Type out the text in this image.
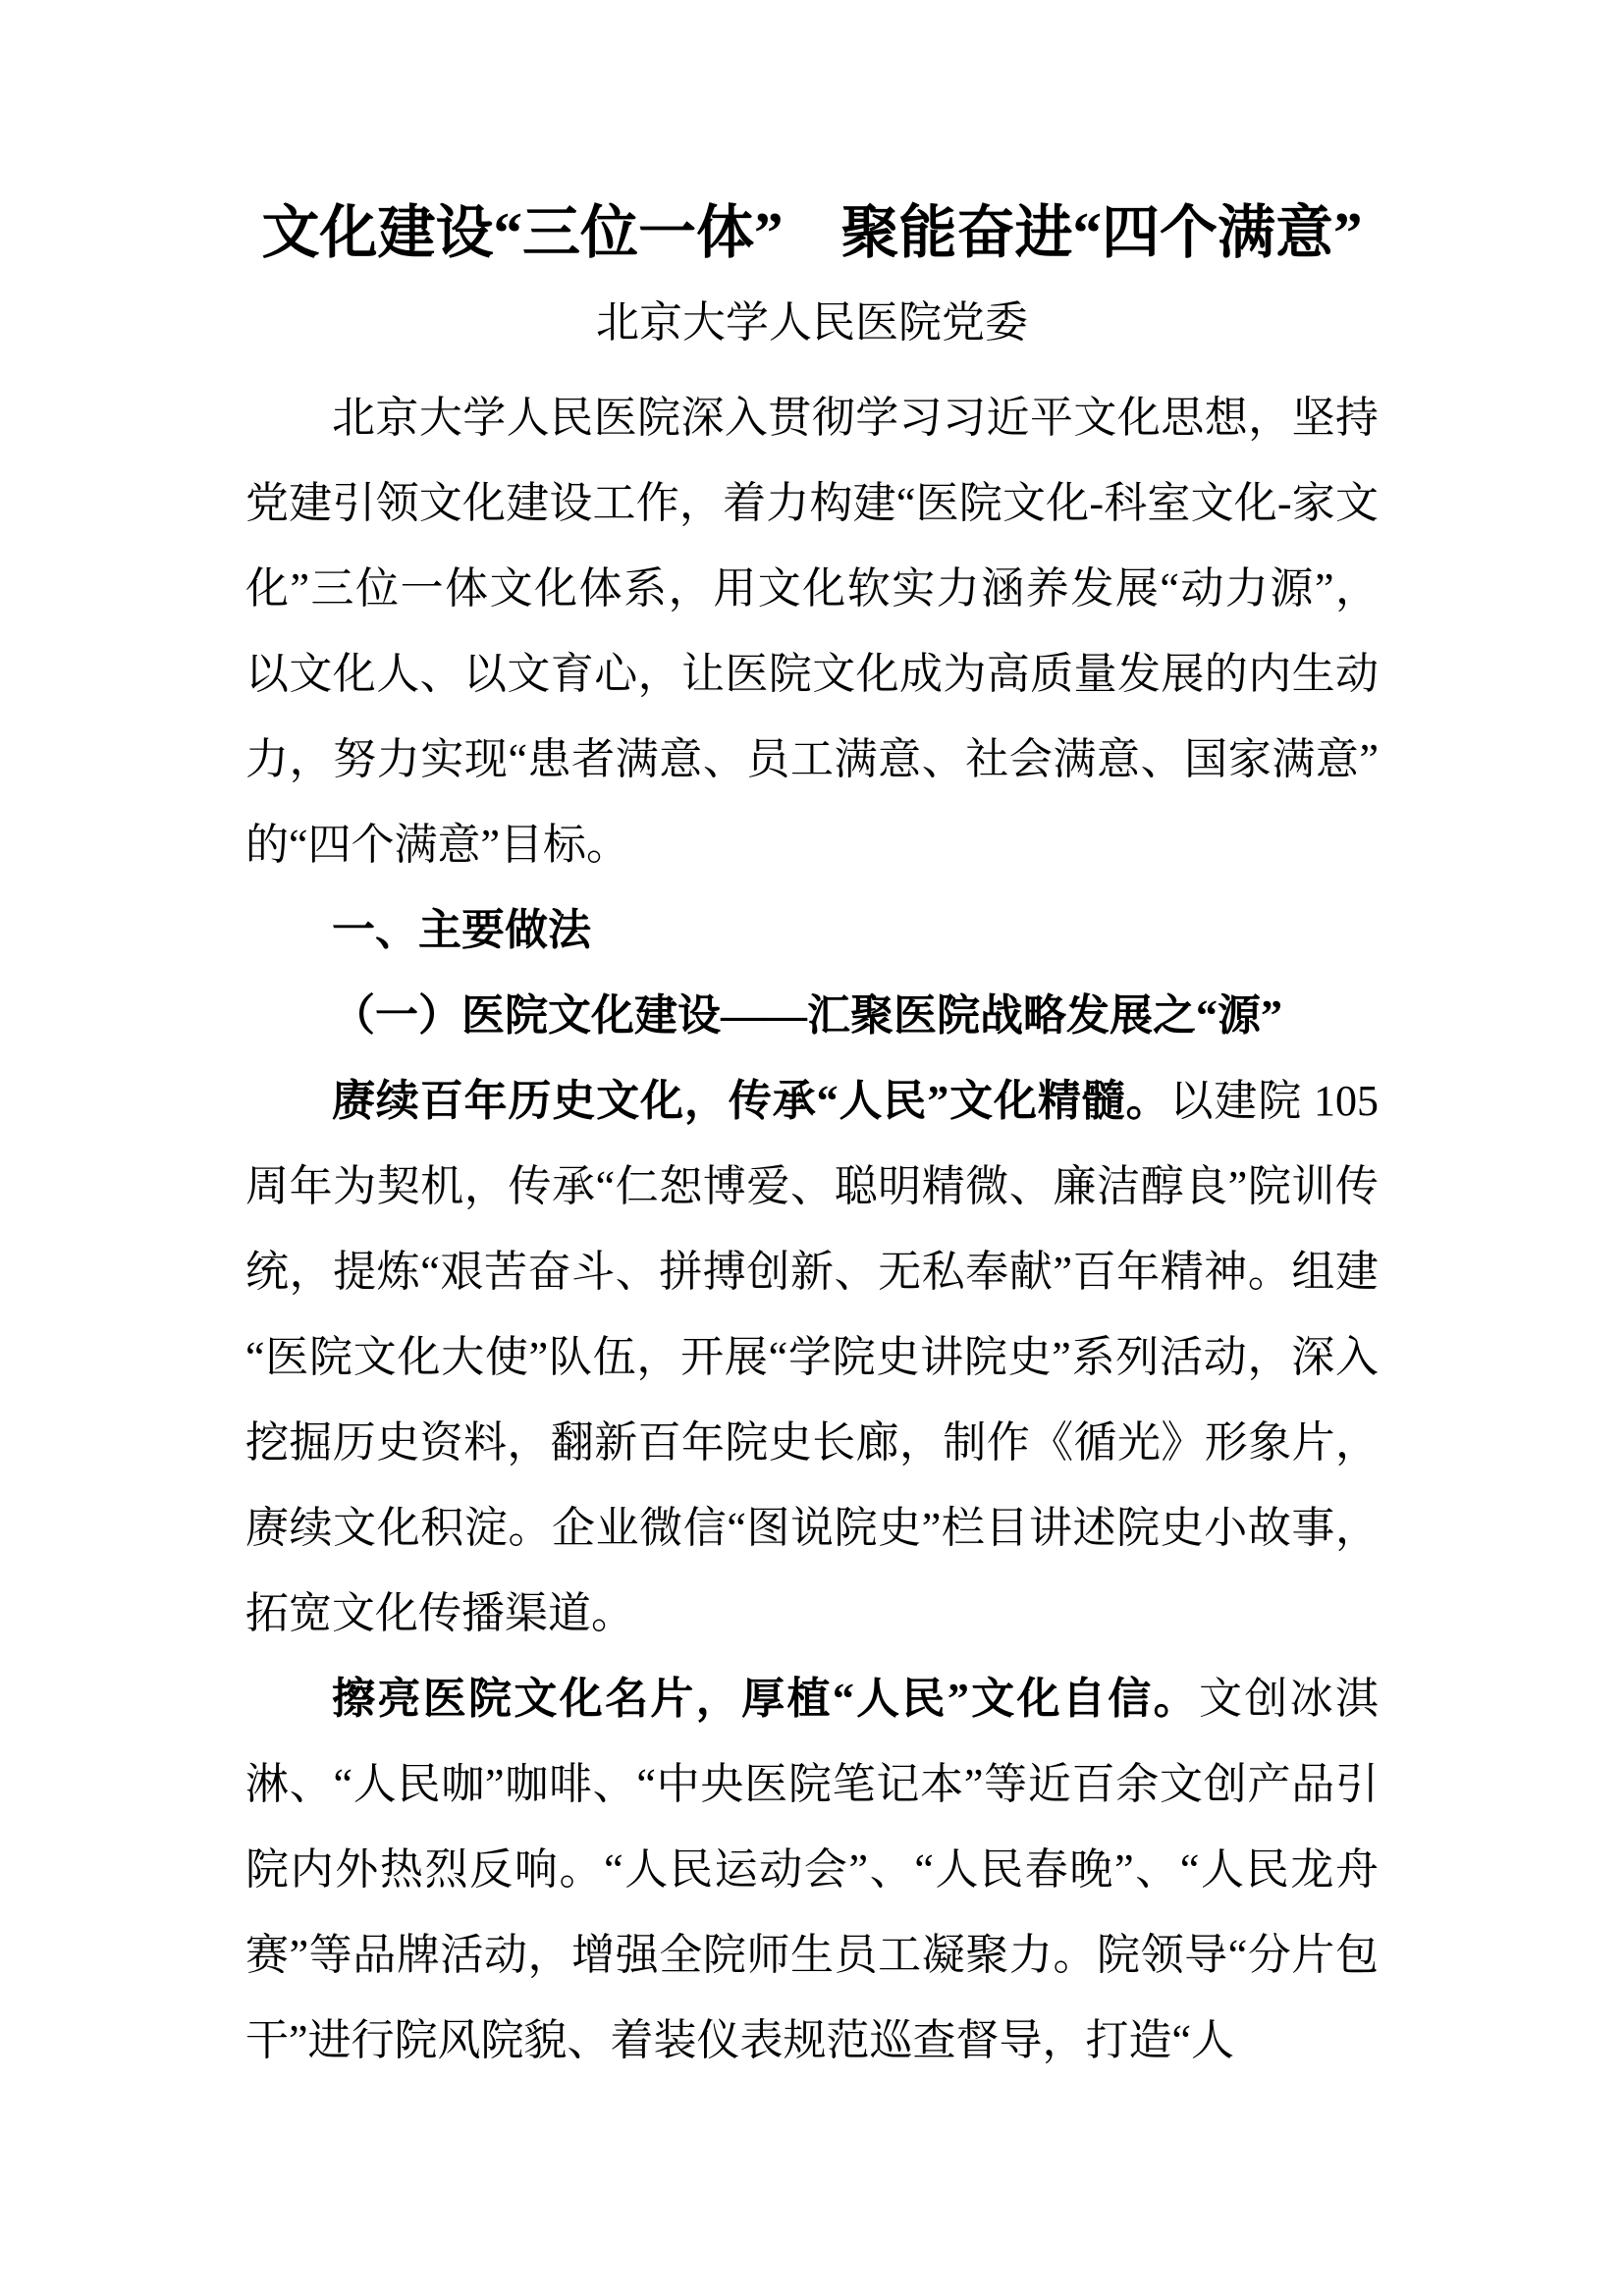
文化建设“三位一体”　聚能奋进“四个满意”
北京大学人民医院党委

北京大学人民医院深入贯彻学习习近平文化思想，坚持党建引领文化建设工作，着力构建“医院文化-科室文化-家文化”三位一体文化体系，用文化软实力涵养发展“动力源”，以文化人、以文育心，让医院文化成为高质量发展的内生动力，努力实现“患者满意、员工满意、社会满意、国家满意”的“四个满意”目标。

一、主要做法

（一）医院文化建设——汇聚医院战略发展之“源”

赓续百年历史文化，传承“人民”文化精髓。以建院 105 周年为契机，传承“仁恕博爱、聪明精微、廉洁醇良”院训传统，提炼“艰苦奋斗、拼搏创新、无私奉献”百年精神。组建“医院文化大使”队伍，开展“学院史讲院史”系列活动，深入挖掘历史资料，翻新百年院史长廊，制作《循光》形象片，赓续文化积淀。企业微信“图说院史”栏目讲述院史小故事，拓宽文化传播渠道。

擦亮医院文化名片，厚植“人民”文化自信。文创冰淇淋、“人民咖”咖啡、“中央医院笔记本”等近百余文创产品引院内外热烈反响。“人民运动会”、“人民春晚”、“人民龙舟赛”等品牌活动，增强全院师生员工凝聚力。院领导“分片包干”进行院风院貌、着装仪表规范巡查督导，打造“人
